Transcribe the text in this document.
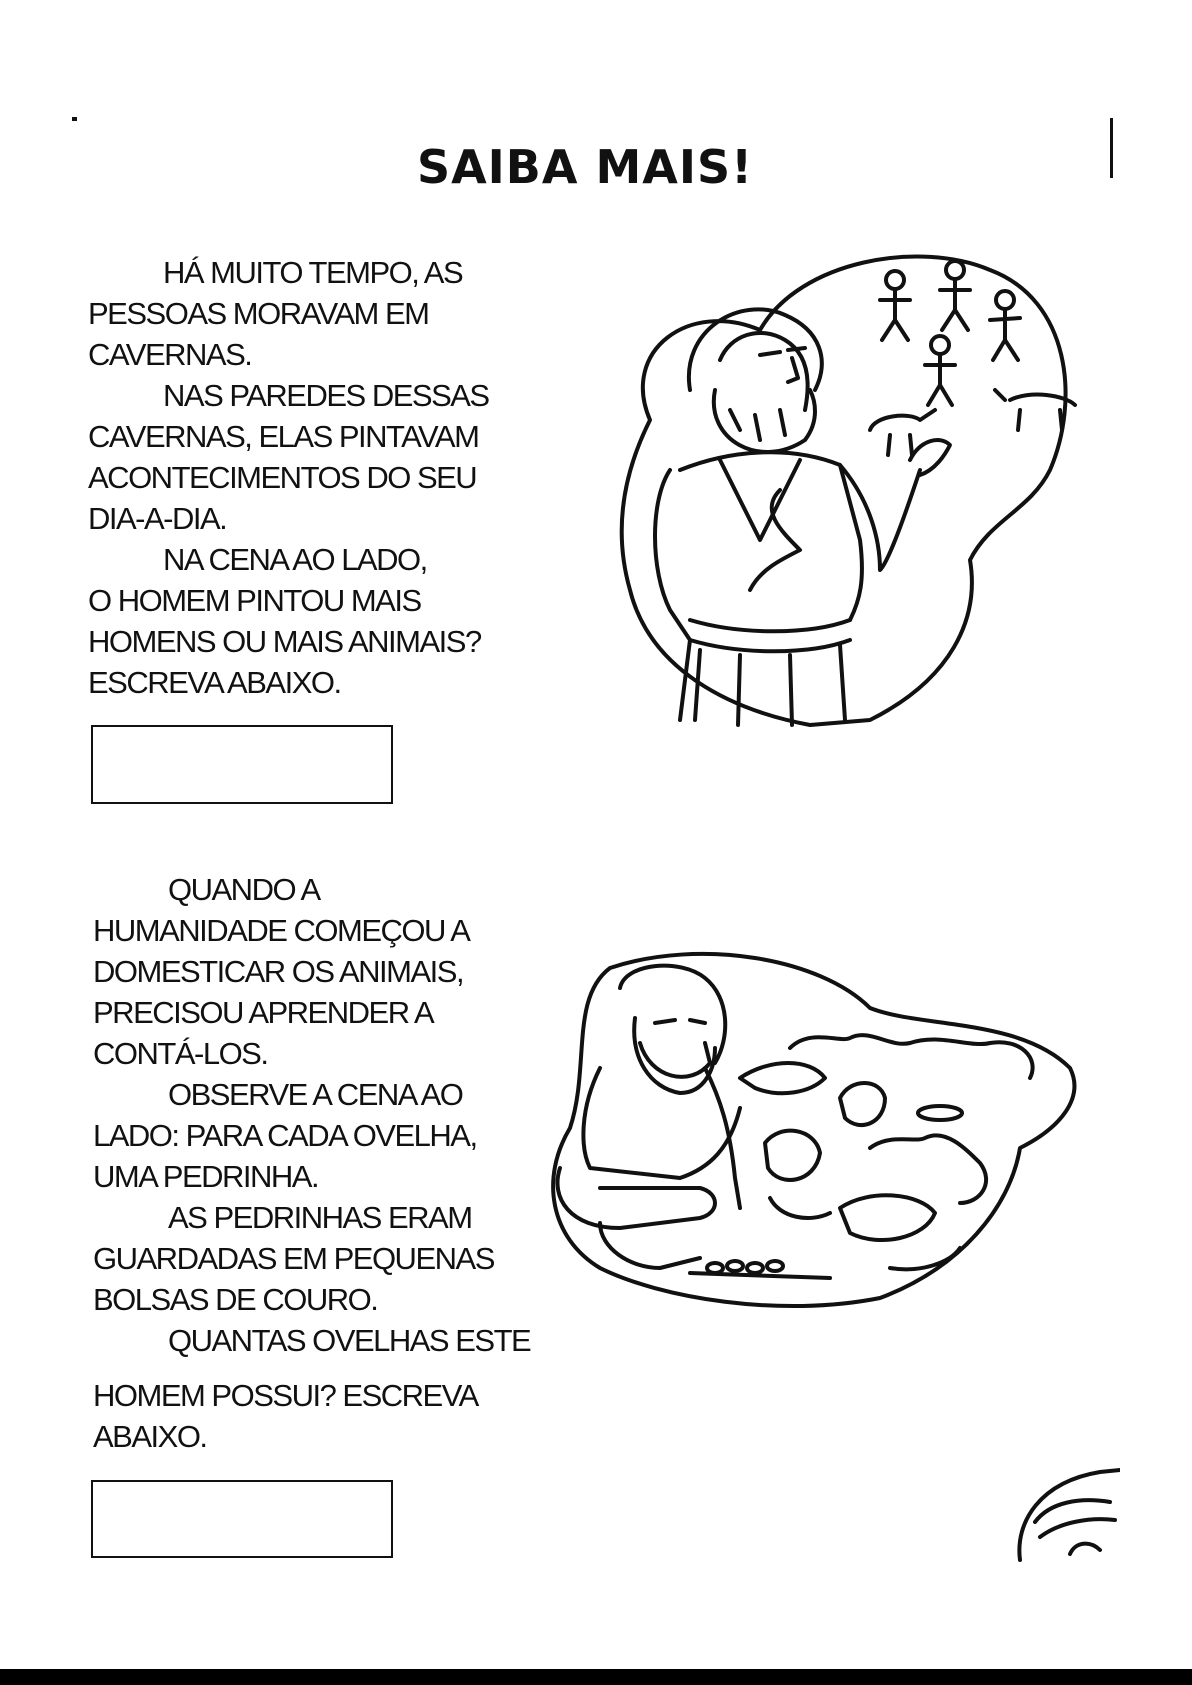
SAIBA MAIS!
HÁ MUITO TEMPO, AS
PESSOAS MORAVAM EM
CAVERNAS.
NAS PAREDES DESSAS
CAVERNAS, ELAS PINTAVAM
ACONTECIMENTOS DO SEU
DIA-A-DIA.
NA CENA AO LADO,
O HOMEM PINTOU MAIS
HOMENS OU MAIS ANIMAIS?
ESCREVA ABAIXO.
QUANDO A
HUMANIDADE COMEÇOU A
DOMESTICAR OS ANIMAIS,
PRECISOU APRENDER A
CONTÁ-LOS.
OBSERVE A CENA AO
LADO: PARA CADA OVELHA,
UMA PEDRINHA.
AS PEDRINHAS ERAM
GUARDADAS EM PEQUENAS
BOLSAS DE COURO.
QUANTAS OVELHAS ESTE
HOMEM POSSUI? ESCREVA
ABAIXO.
